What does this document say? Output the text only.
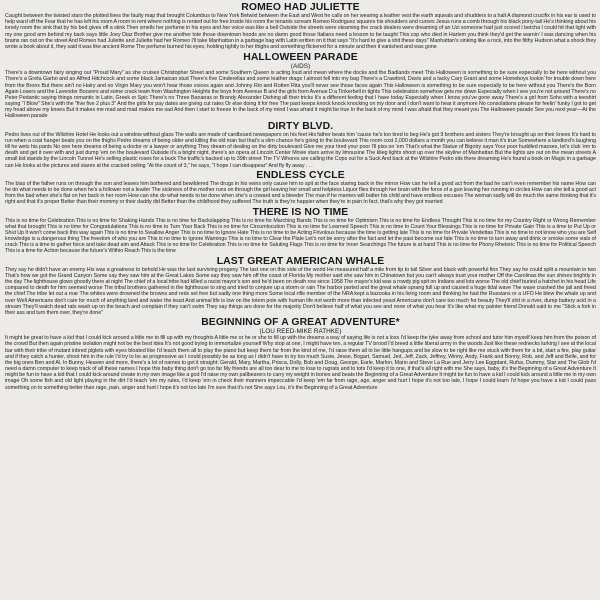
ROMEO HAD JULIETTE

Caught between the twisted stars the plotted lines the faulty map that brought Columbus to New York Betwixt between the East and West he calls on her wearing a leather vest the earth squeals and shudders to a halt A diamond crucifix in his ear is used to help ward off the Fear that he has left his room A room to rent where nothing is rented out for free Inside his room the tenants scream Romeo Rodriguez squares his shoulders and curses Jesus runs a comb through his black pony-tail He's thinking about his lonely room the sink that by his bed gives off a stink Then smells her perfume in his eyes and her voice was like a bell Outside the streets were steaming the crack dealers were dreaming of an Uzi someone had just scored I betcha I could hit that light with my one good arm behind my back says little Joey Diaz Brother give me another tote those downtown hoods are no damn good those Italians need a lesson to be taught This cop who died in Harlem you think they'd get the warnin' I was dancing when his brains ran out on the street And Romeo had Juliette and Juliette had her Romeo I'll take Manhattan in a garbage bag with Latin written on it that says "It's hard to give a shit these days" Manhattan's sinking like a rock, into the filthy Hudson what a shock they wrote a book about it, they said it was like ancient Rome The perfume burned his eyes, holding tightly to her thighs and something flickered for a minute and then it vanished and was gone

HALLOWEEN PARADE
(AIDS)

There's a downtown fairy singing out "Proud Mary" as she cruises Christopher Street and some Southern Queen is acting loud and mean where the docks and the Badlands meet This Halloween is something to be sure especially to be here without you There's a Greta Garbo and an Alfred Hitchcock and some black Jamaican stud There's five Cinderellas and some leather drags I almost fell into my bag There's a Crawford, Davis and a tacky Cary Grant and some Homeboys lookin' for trouble down here from the Bronx But there ain't no Hairy and no Virgin Mary you won't hear those voices again and Johnny Rio and Rotten Rita you'll never see those faces again This Halloween is something to be sure especially to be here without you There's the Born Again Losers and the Lavender Boozers and some crack team from Washington Heights the boys from Avenue B and the girls from Avenue D a Tinkerbell in tights This celebration somehow gets me down Especially when I see you're not around There's no Peter Pedantic saying things romantic in Latin, Greek or Spic There's no Three Bananas or Brandy Alexander Dishing all their tricks It's a different feeling that I have today Especially when I know you've gone away There's a girl from Soho with a teeshirt saying "I Blow" She's with the "five five 2 plus 3" And the girls for pay dates are giving cut rates Or else doing it for free The past keeps knock knock knocking on my door and I don't want to hear it anymore No consolations please for feelin' funky I got to get my head above my knees But it makes me mad and mad makes me sad And then I start to freeze In the back of my mind I was afraid it might be true In the back of my mind I was afraid that they meant you The Halloween parade See you next year—At the Halloween parade

DIRTY BLVD.

Pedro lives out of the Wilshire Hotel He looks out a window without glass The walls are made of cardboard newspapers on his feet His father beats him 'cause he's too tired to beg He's got 9 brothers and sisters They're brought up on their knees It's hard to run when a coat hanger beats you on the thighs Pedro dreams of being older and killing the old man but that's a slim chance he's going to the boulevard This room cost 2,000 dollars a month you can believe it man it's true Somewhere a landlord's laughing till he wets his pants No one here dreams of being a doctor or a lawyer or anything They dream of dealing on the dirty boulevard Give me your tired your poor I'll piss on 'em That's what the Statue of Bigotry says Your poor huddled masses, let's club 'em to death and get it over with and just dump 'em on the boulevard Outside it's a bright night, there's an opera at Lincoln Center Movie stars arrive by limousine The klieg lights shoot up over the skyline of Manhattan But the lights are out on the mean streets A small kid stands by the Lincoln Tunnel He's selling plastic roses for a buck The traffic's backed up to 39th street The TV Whores are calling the Cops out for a Suck And back at the Wilshire Pedro sits there dreaming He's found a book on Magic in a garbage can He looks at the pictures and stares at the cracked ceiling "At the count of 3," he says, "I hope I can disappear" And fly fly away . . .

ENDLESS CYCLE

The bias of the father runs on through the son and leaves him bothered and bewildered The drugs in his veins only cause him to spit at the face staring back in the mirror How can he tell a good act from the bad he can't even remember his name How can he do what needs to be done when he's a follower not a leader The sickness of the mother runs on through the girl leaving her small and helpless Liquor flies through her brain with the force of a gun leaving her running in circles How can she tell a good act from the bad when she's flat on her back in her room How can she do what needs to be done when she's a coward and a bleeder The man if he marries will batter his child and have endless excuses The woman sadly will do much the same thinking that it's right and that it's proper Better than their mommy or their daddy did Better than the childhood they suffered The truth is they're happier when they're in pain In fact, that's why they got married

THERE IS NO TIME

This is no time for Celebration This is no time for Shaking Hands This is no time for Backslapping This is no time for Marching Bands This is no time for Optimism This is no time for Endless Thought This is no time for my Country Right or Wrong Remember what that brought This is no time for Congratulations This is no time to Turn Your Back This is no time for Circumlocution This is no time for Learned Speech This is no time to Count Your Blessings This is no time for Private Gain This is a time to Put Up or Shut Up It won't come back this way again This is no time to Swallow Anger This is no time to Ignore Hate This is no time to be Acting Frivolous because the time is getting late This is no time for Private Vendettas This is no time to not know who you are Self knowledge is a dangerous thing The freedom of who you are This is no time to Ignore Warnings This is no time to Clear the Plate Let's not be sorry after the fact and let the past become our fate This is no time to turn away and drink or smoke some vials of crack This is a time to gather force and take dead aim and Attack This is no time for Celebration This is no time for Saluting Flags This is no time for Inner Searchings The future is at hand This is no time for Phony Rhetoric This is no time for Political Speech This is a time for Action because the future's Within Reach This is the time

LAST GREAT AMERICAN WHALE

They say he didn't have an enemy His was a greatness to behold He was the last surviving progeny The last one on this side of the world He measured half a mile from tip to tail Silver and black with powerful fins They say he could split a mountain in two That's how we got the Grand Canyon Some say they saw him at the Great Lakes Some say they saw him off the coast of Florida My mother said she saw him in Chinatown but you can't always trust your mother Off the Carolinas the sun shines brightly in the day The lighthouse glows ghostly there at night The chief of a local tribe had killed a racist mayor's son and he'd been on death row since 1958 The mayor's kid was a rowdy pig spit on Indians and lots worse The old chief buried a hatchet in his head Life compared to death for him seemed worse The tribal brothers gathered in the lighthouse to sing and tried to conjure up a storm or rain The harbor parted and the great whale sprang full up and caused a huge tidal wave The wave crashed the jail and freed the chief The tribe let out a roar The whites were drowned the browns and reds set free but sadly one thing more Some local rifle member of the NRA kept a bazooka in his living room and thinking he had the Russians or a UFO He blew the whale up and over Well Americans don't care for much of anything land and water the least And animal life is low on the totem pole with human life not worth more than infected yeast Americans don't care too much for beauty They'll shit in a river, dump battery acid in a stream They'll watch dead rats wash up on the beach and complain if they can't swim They say things are done for the majority Don't believe half of what you see and none of what you hear It's like what my painter friend Donald said to me "Stick a fork in their ass and turn them over, they're done"

BEGINNING OF A GREAT ADVENTURE*
(LOU REED-MIKE RATHKE)

It might be great to have a kid that I could kick around a little me to fill up with my thoughts A little me or he or she to fill up with the dreams a way of saying life is not a loss I'd keep the tyke away from school and tutor him myself keep him from the poison of the crowd But then again pristine isolation might not be the best idea It's not good trying to immortalize yourself Why stop at one, I might have ten, a regular TV brood I'd breed a little liberal army in the woods Just like these rednecks lurking I see at the local bar with their tribe of mutant inbred piglets with eyes bloated like I'd teach them all to play the piano but keep them far from the kind of me, I'd raise them all to be little hangups and be slow to be right like me stuck with them for a bit, start a fire, play guitar and if they catch a hunter, shoot him in the rule I'd try to be as progressive as I could possibly be as long as I didn't have to try too much Susie, Jesse, Bogart, Samuel, Jed, Jeff, Zack, Jeffrey, Winny, Andy, Frank and Bonny, Rob, and Jeff and Belle, and for the big ones Ben and Al. In Bunny, Heaven and more, there's a lot of names to get it straight: Gerald, Mary, Martha, Prisca, Dolly, Bob and Doug, George, Earle, Marlon, Mario and Steve La Rue and Jerry Lee Eggplant, Rufus, Dummy, Star and The Glob I'd need a damn computer to keep track of all these names I hope this baby thing don't go too far My friends are all too dear to me to lose to rugrats and to tots I'd keep it to one, if that's all right with me She says, baby, it's the Beginning of a Great Adventure It might be fun to have a kid that I could kick around create in my own image like a god I'd raise my own pallbearers to carry my weight in bones and beats the Beginning of a Great Adventure It might be fun to have a kid I could kick around a little me in my own image Oh some fish and old light playing in the dirt I'd teach 'em my rules, I'd keep 'em in check their manners impeccable I'd keep 'em far from rage, age, anger and hurt I hope it's not too late, I hope I could learn I'd hope you have a kid I could pass something on to something better than rage, pain, anger and hurt I hope it's not too late I'm sure that it's not She says Lou, it's the Beginning of a Great Adventure
